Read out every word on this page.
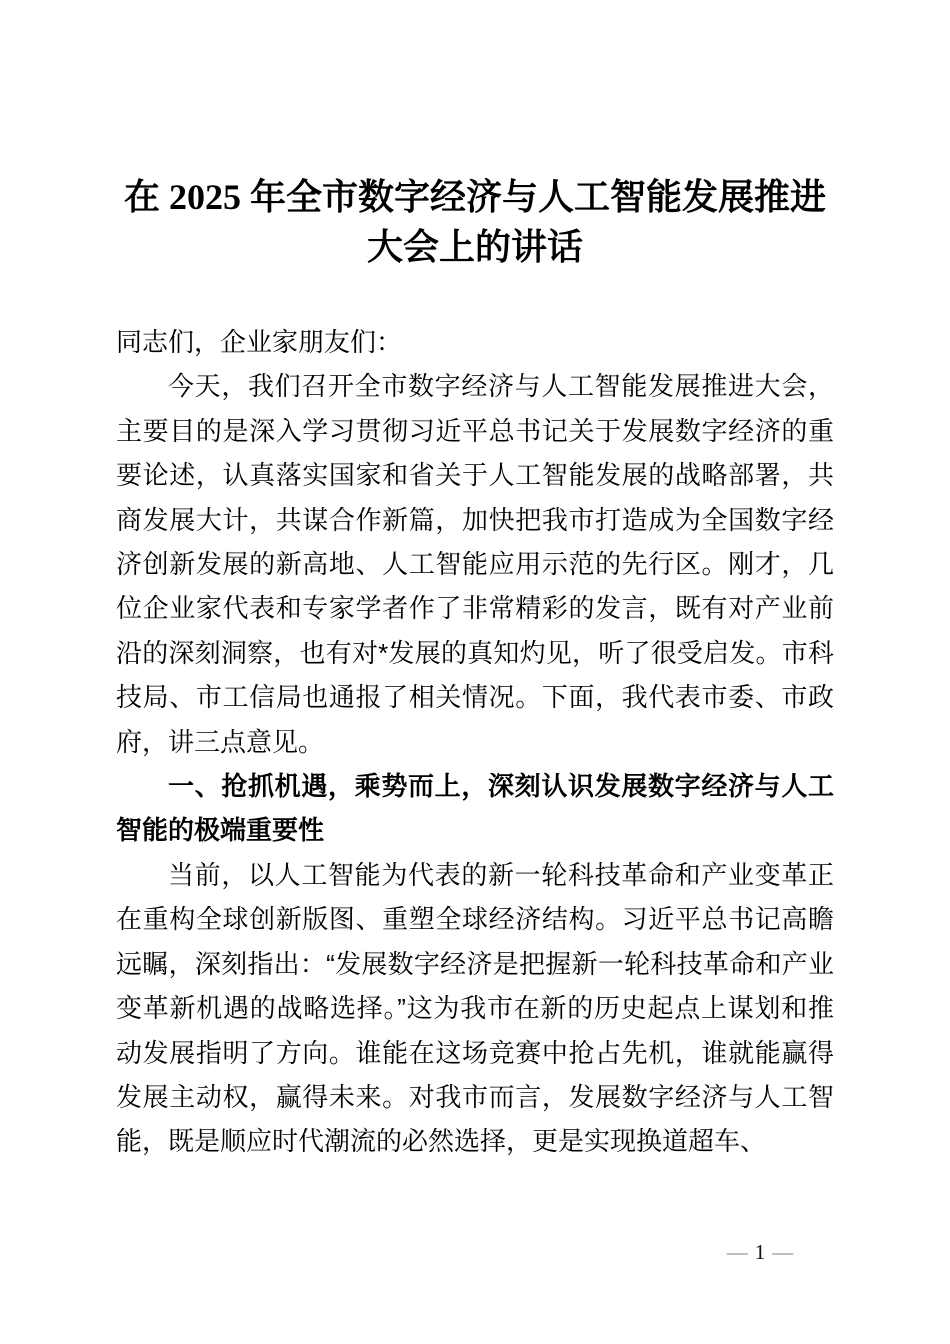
在 2025 年全市数字经济与人工智能发展推进
大会上的讲话

同志们，企业家朋友们：

今天，我们召开全市数字经济与人工智能发展推进大会，主要目的是深入学习贯彻习近平总书记关于发展数字经济的重要论述，认真落实国家和省关于人工智能发展的战略部署，共商发展大计，共谋合作新篇，加快把我市打造成为全国数字经济创新发展的新高地、人工智能应用示范的先行区。刚才，几位企业家代表和专家学者作了非常精彩的发言，既有对产业前沿的深刻洞察，也有对*发展的真知灼见，听了很受启发。市科技局、市工信局也通报了相关情况。下面，我代表市委、市政府，讲三点意见。

一、抢抓机遇，乘势而上，深刻认识发展数字经济与人工智能的极端重要性

当前，以人工智能为代表的新一轮科技革命和产业变革正在重构全球创新版图、重塑全球经济结构。习近平总书记高瞻远瞩，深刻指出：“发展数字经济是把握新一轮科技革命和产业变革新机遇的战略选择。”这为我市在新的历史起点上谋划和推动发展指明了方向。谁能在这场竞赛中抢占先机，谁就能赢得发展主动权，赢得未来。对我市而言，发展数字经济与人工智能，既是顺应时代潮流的必然选择，更是实现换道超车、

— 1 —
